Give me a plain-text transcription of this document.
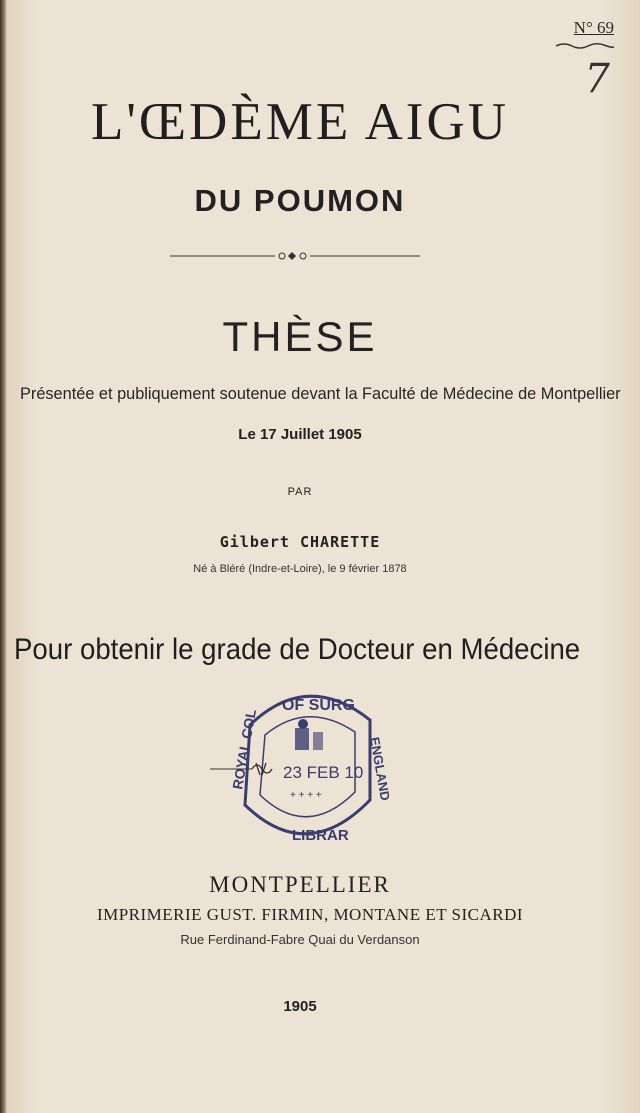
N° 69
7
L'ŒDÈME AIGU
DU POUMON
THÈSE
Présentée et publiquement soutenue devant la Faculté de Médecine de Montpellier
Le 17 Juillet 1905
PAR
Gilbert CHARETTE
Né à Bléré (Indre-et-Loire), le 9 février 1878
Pour obtenir le grade de Docteur en Médecine
OF SURG
ROYAL COL	ENGLAND
LIBRAR
23 FEB 10
+ + + +
MONTPELLIER
IMPRIMERIE GUST. FIRMIN, MONTANE ET SICARDI
Rue Ferdinand-Fabre Quai du Verdanson
1905
